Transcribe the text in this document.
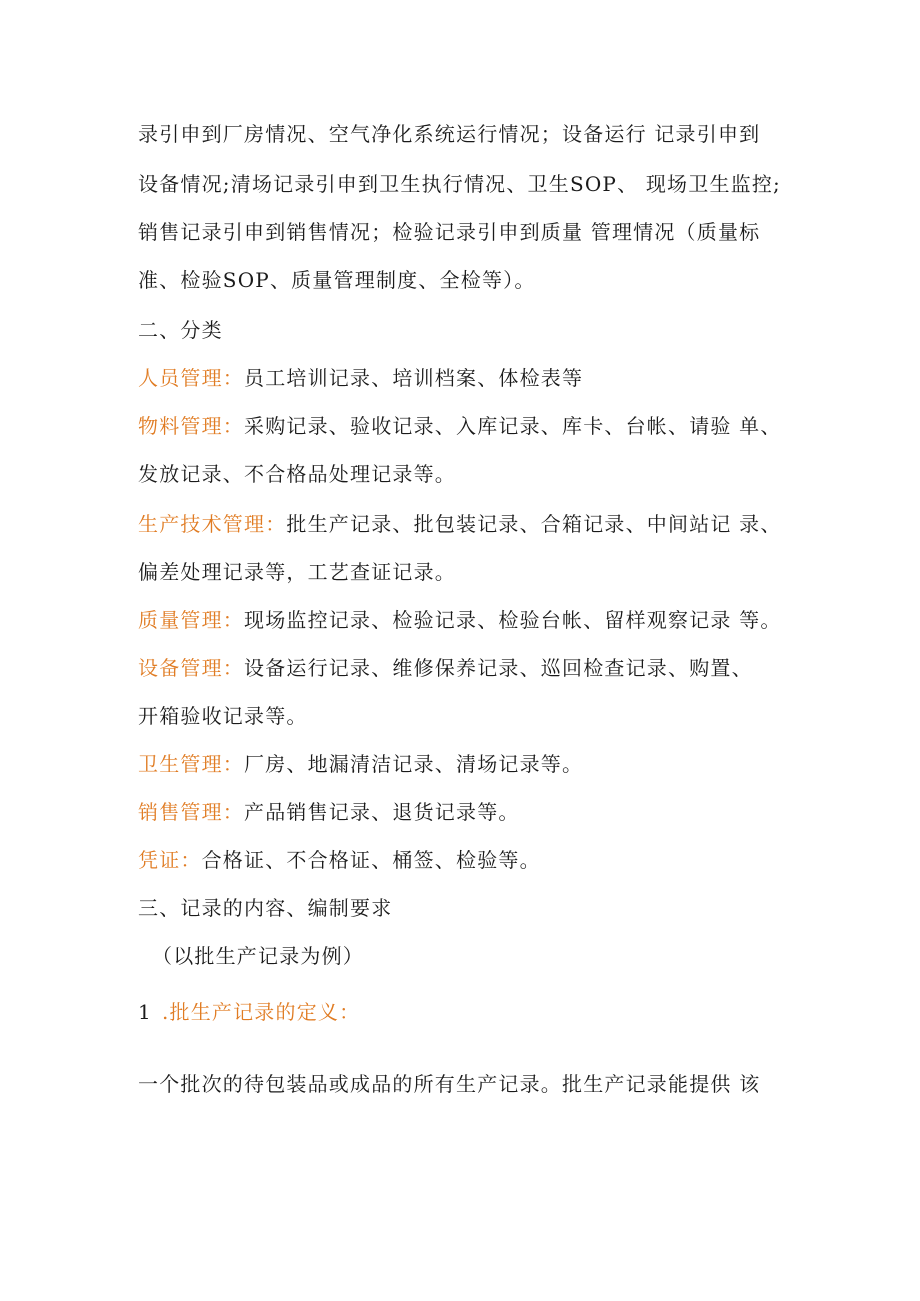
录引申到厂房情况、空气净化系统运行情况；设备运行 记录引申到
设备情况;清场记录引申到卫生执行情况、卫生SOP、 现场卫生监控;
销售记录引申到销售情况；检验记录引申到质量 管理情况（质量标
准、检验SOP、质量管理制度、全检等）。
二、分类
人员管理：员工培训记录、培训档案、体检表等
物料管理：采购记录、验收记录、入库记录、库卡、台帐、请验 单、
发放记录、不合格品处理记录等。
生产技术管理：批生产记录、批包装记录、合箱记录、中间站记 录、
偏差处理记录等，工艺查证记录。
质量管理：现场监控记录、检验记录、检验台帐、留样观察记录 等。
设备管理：设备运行记录、维修保养记录、巡回检查记录、购置、
开箱验收记录等。
卫生管理：厂房、地漏清洁记录、清场记录等。
销售管理：产品销售记录、退货记录等。
凭证：合格证、不合格证、桶签、检验等。
三、记录的内容、编制要求
（以批生产记录为例）
1 .批生产记录的定义：
一个批次的待包装品或成品的所有生产记录。批生产记录能提供 该
